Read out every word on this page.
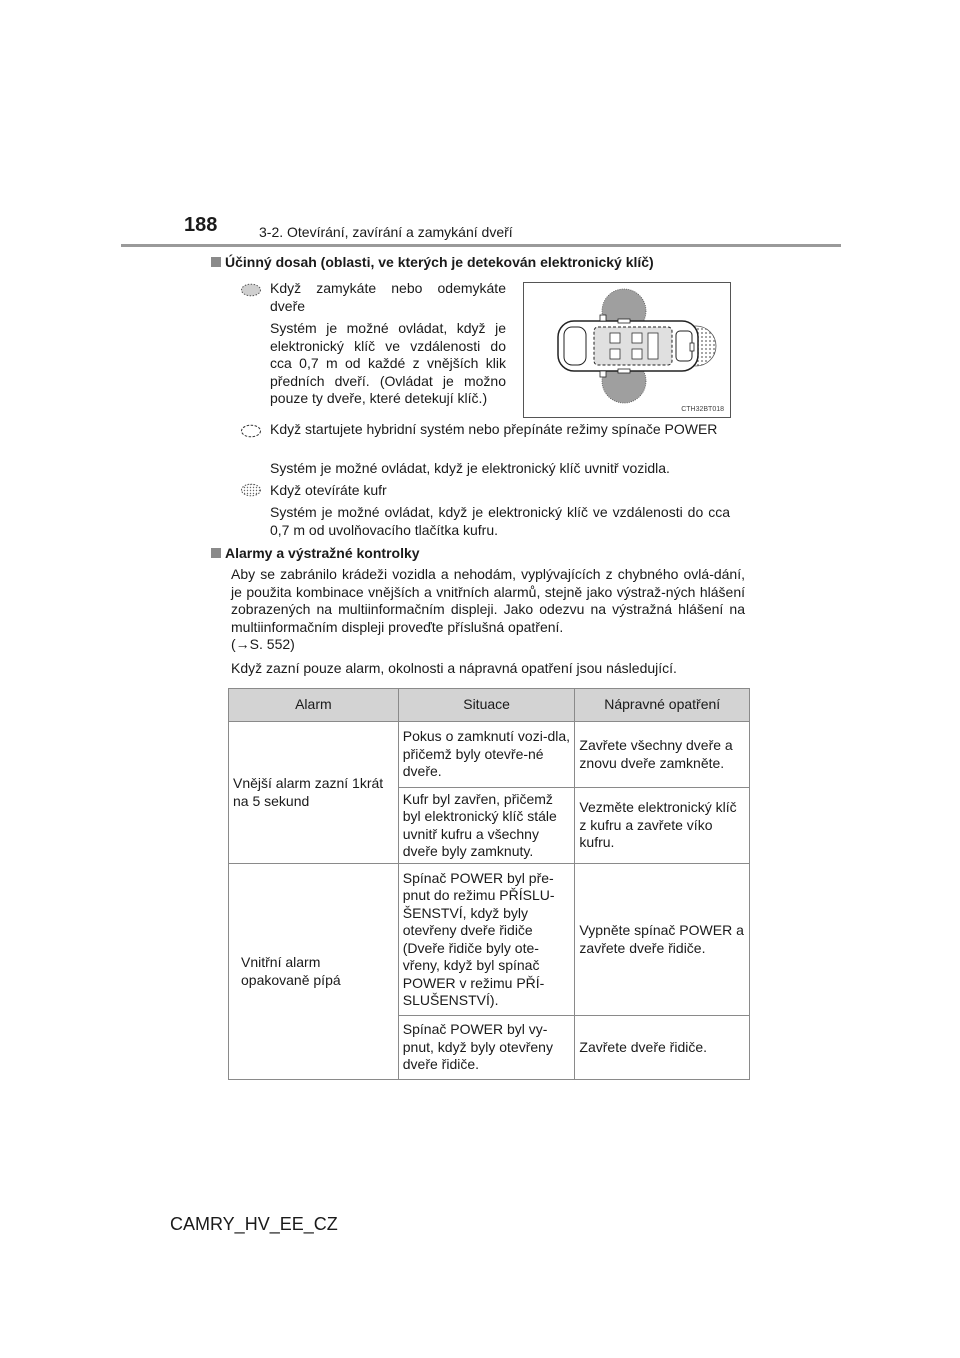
188	3-2. Otevírání, zavírání a zamykání dveří
Účinný dosah (oblasti, ve kterých je detekován elektronický klíč)
Když zamykáte nebo odemykáte dveře
Systém je možné ovládat, když je elektronický klíč ve vzdálenosti do cca 0,7 m od každé z vnějších klik předních dveří. (Ovládat je možno pouze ty dveře, které detekují klíč.)
CTH32BT018
Když startujete hybridní systém nebo přepínáte režimy spínače POWER
Systém je možné ovládat, když je elektronický klíč uvnitř vozidla.
Když otevíráte kufr
Systém je možné ovládat, když je elektronický klíč ve vzdálenosti do cca 0,7 m od uvolňovacího tlačítka kufru.
Alarmy a výstražné kontrolky
Aby se zabránilo krádeži vozidla a nehodám, vyplývajících z chybného ovlá-dání, je použita kombinace vnějších a vnitřních alarmů, stejně jako výstraž-ných hlášení zobrazených na multiinformačním displeji. Jako odezvu na výstražná hlášení na multiinformačním displeji proveďte příslušná opatření.
(→S. 552)
Když zazní pouze alarm, okolnosti a nápravná opatření jsou následující.
Alarm	Situace	Nápravné opatření
Vnější alarm zazní 1krát na 5 sekund	Pokus o zamknutí vozi-dla, přičemž byly otevře-né dveře.	Zavřete všechny dveře a znovu dveře zamkněte.
	Kufr byl zavřen, přičemž byl elektronický klíč stále uvnitř kufru a všechny dveře byly zamknuty.	Vezměte elektronický klíč z kufru a zavřete víko kufru.
Vnitřní alarm opakovaně pípá	Spínač POWER byl pře-pnut do režimu PŘÍSLU-ŠENSTVÍ, když byly otevřeny dveře řidiče (Dveře řidiče byly ote-vřeny, když byl spínač POWER v režimu PŘÍ-SLUŠENSTVÍ).	Vypněte spínač POWER a zavřete dveře řidiče.
	Spínač POWER byl vy-pnut, když byly otevřeny dveře řidiče.	Zavřete dveře řidiče.
CAMRY_HV_EE_CZ
